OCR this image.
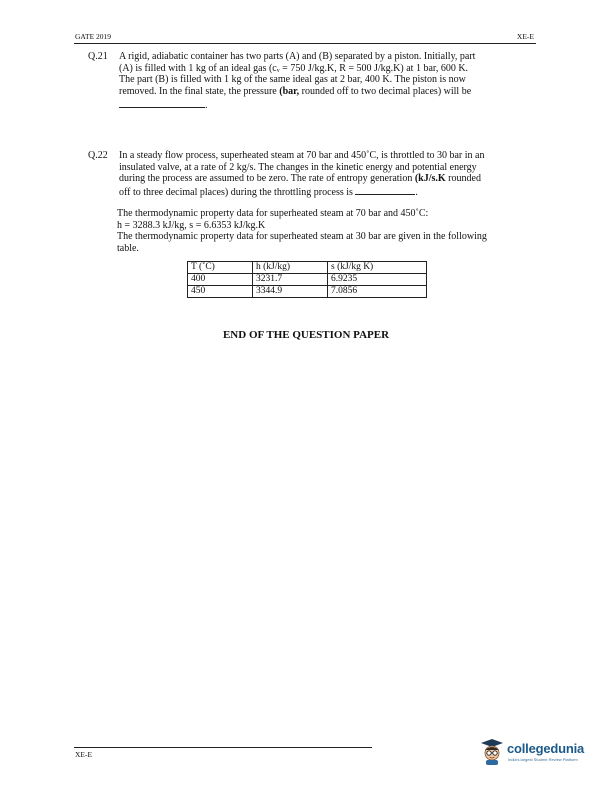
GATE 2019	XE-E
Q.21 A rigid, adiabatic container has two parts (A) and (B) separated by a piston. Initially, part
(A) is filled with 1 kg of an ideal gas (cᵥ = 750 J/kg.K, R = 500 J/kg.K) at 1 bar, 600 K.
The part (B) is filled with 1 kg of the same ideal gas at 2 bar, 400 K. The piston is now
removed. In the final state, the pressure (bar, rounded off to two decimal places) will be
.
Q.22 In a steady flow process, superheated steam at 70 bar and 450˚C, is throttled to 30 bar in an
insulated valve, at a rate of 2 kg/s. The changes in the kinetic energy and potential energy
during the process are assumed to be zero. The rate of entropy generation (kJ/s.K rounded
off to three decimal places) during the throttling process is	.
The thermodynamic property data for superheated steam at 70 bar and 450˚C:
h = 3288.3 kJ/kg, s = 6.6353 kJ/kg.K
The thermodynamic property data for superheated steam at 30 bar are given in the following
table.
T (˚C)	h (kJ/kg)	s (kJ/kg K)
400	3231.7	6.9235
450	3344.9	7.0856
END OF THE QUESTION PAPER
XE-E	collegedunia
India's largest Student Review Platform
